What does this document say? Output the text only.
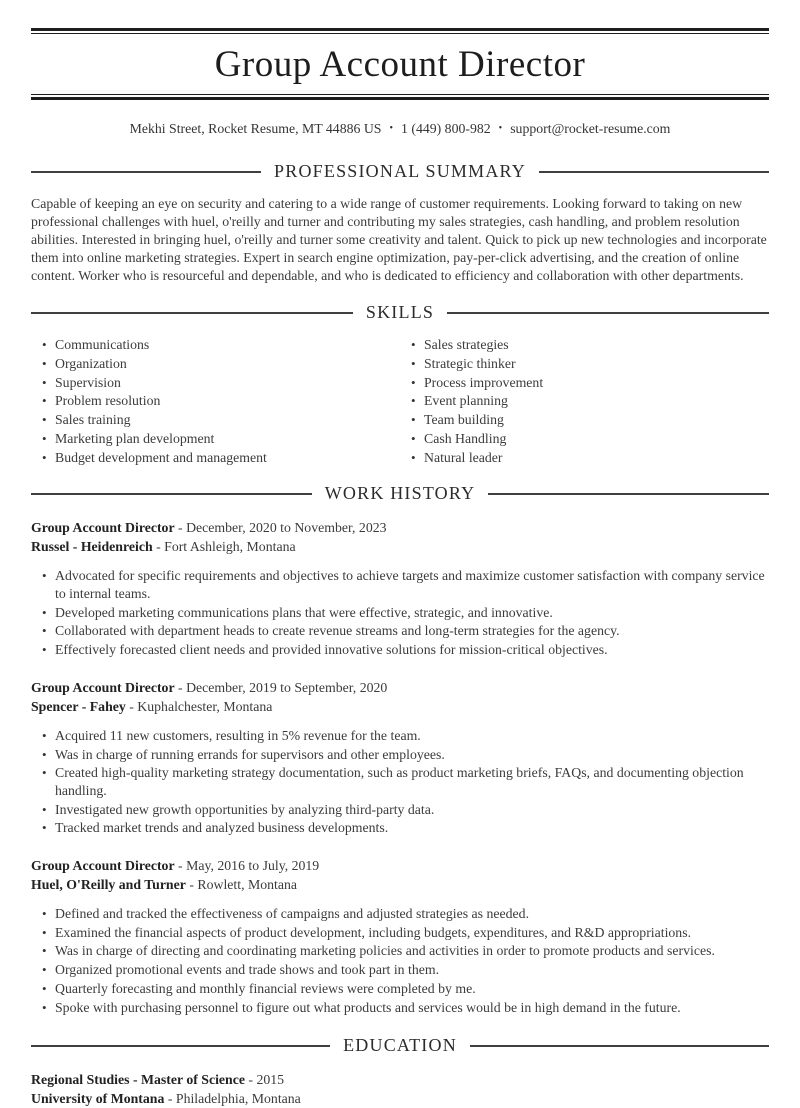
Group Account Director

Mekhi Street, Rocket Resume, MT 44886 US • 1 (449) 800-982 • support@rocket-resume.com

PROFESSIONAL SUMMARY

Capable of keeping an eye on security and catering to a wide range of customer requirements. Looking forward to taking on new professional challenges with huel, o'reilly and turner and contributing my sales strategies, cash handling, and problem resolution abilities. Interested in bringing huel, o'reilly and turner some creativity and talent. Quick to pick up new technologies and incorporate them into online marketing strategies. Expert in search engine optimization, pay-per-click advertising, and the creation of online content. Worker who is resourceful and dependable, and who is dedicated to efficiency and collaboration with other departments.

SKILLS
• Communications
• Organization
• Supervision
• Problem resolution
• Sales training
• Marketing plan development
• Budget development and management
• Sales strategies
• Strategic thinker
• Process improvement
• Event planning
• Team building
• Cash Handling
• Natural leader
WORK HISTORY

Group Account Director - December, 2020 to November, 2023

Russel - Heidenreich - Fort Ashleigh, Montana

• Advocated for specific requirements and objectives to achieve targets and maximize customer satisfaction with company service to internal teams.
• Developed marketing communications plans that were effective, strategic, and innovative.
• Collaborated with department heads to create revenue streams and long-term strategies for the agency.
• Effectively forecasted client needs and provided innovative solutions for mission-critical objectives.

Group Account Director - December, 2019 to September, 2020

Spencer - Fahey - Kuphalchester, Montana

• Acquired 11 new customers, resulting in 5% revenue for the team.
• Was in charge of running errands for supervisors and other employees.
• Created high-quality marketing strategy documentation, such as product marketing briefs, FAQs, and documenting objection handling.
• Investigated new growth opportunities by analyzing third-party data.
• Tracked market trends and analyzed business developments.

Group Account Director - May, 2016 to July, 2019

Huel, O'Reilly and Turner - Rowlett, Montana

• Defined and tracked the effectiveness of campaigns and adjusted strategies as needed.
• Examined the financial aspects of product development, including budgets, expenditures, and R&D appropriations.
• Was in charge of directing and coordinating marketing policies and activities in order to promote products and services.
• Organized promotional events and trade shows and took part in them.
• Quarterly forecasting and monthly financial reviews were completed by me.
• Spoke with purchasing personnel to figure out what products and services would be in high demand in the future.
EDUCATION

Regional Studies - Master of Science - 2015

University of Montana - Philadelphia, Montana
